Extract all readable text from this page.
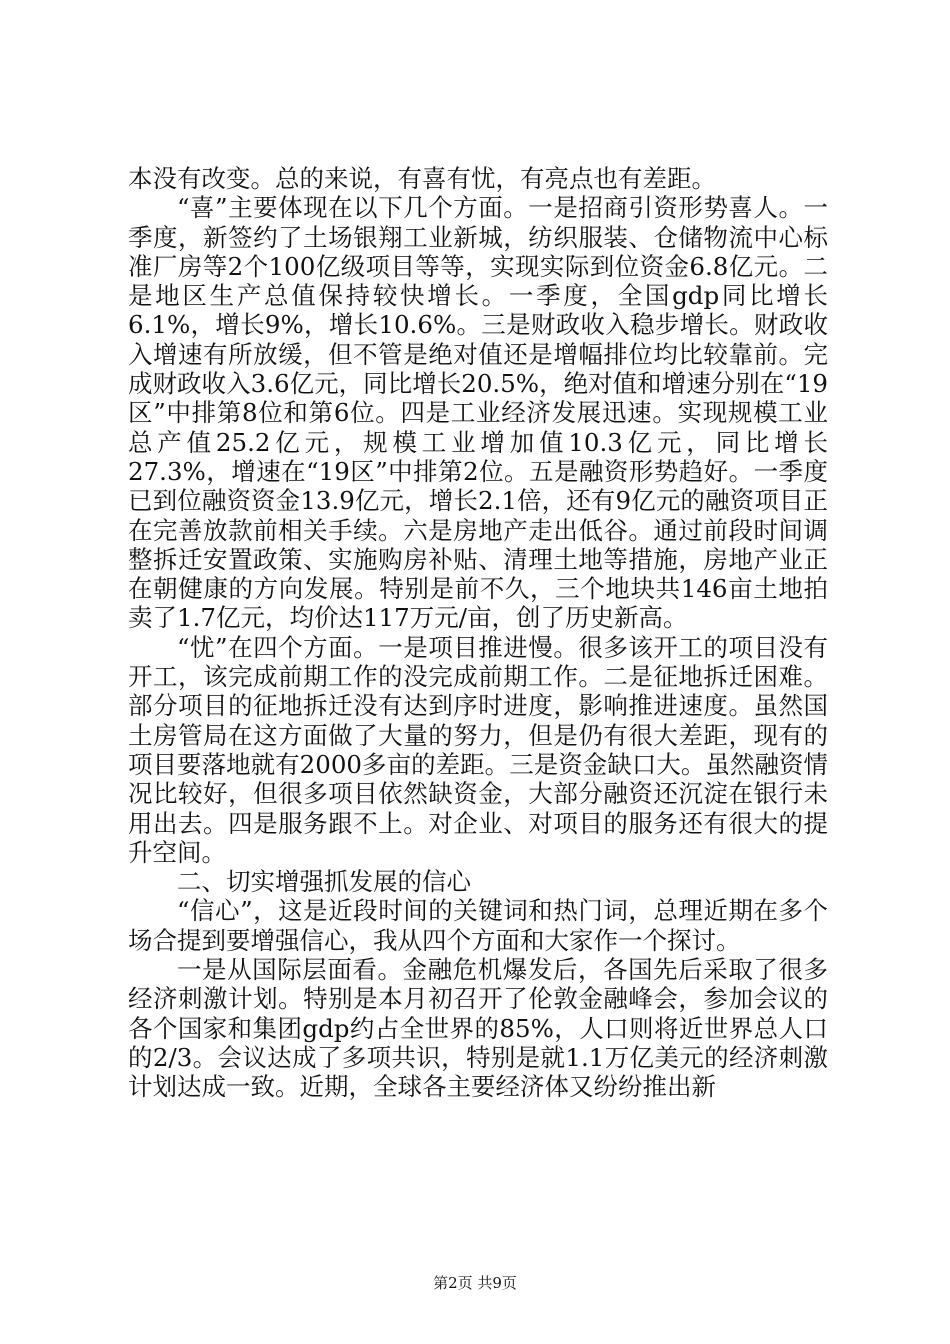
本没有改变。总的来说，有喜有忧，有亮点也有差距。

“喜”主要体现在以下几个方面。一是招商引资形势喜人。一季度，新签约了土场银翔工业新城，纺织服装、仓储物流中心标准厂房等2个100亿级项目等等，实现实际到位资金6.8亿元。二是地区生产总值保持较快增长。一季度，全国gdp同比增长6.1%，增长9%，增长10.6%。三是财政收入稳步增长。财政收入增速有所放缓，但不管是绝对值还是增幅排位均比较靠前。完成财政收入3.6亿元，同比增长20.5%，绝对值和增速分别在“19区”中排第8位和第6位。四是工业经济发展迅速。实现规模工业总产值25.2亿元，规模工业增加值10.3亿元，同比增长27.3%，增速在“19区”中排第2位。五是融资形势趋好。一季度已到位融资资金13.9亿元，增长2.1倍，还有9亿元的融资项目正在完善放款前相关手续。六是房地产走出低谷。通过前段时间调整拆迁安置政策、实施购房补贴、清理土地等措施，房地产业正在朝健康的方向发展。特别是前不久，三个地块共146亩土地拍卖了1.7亿元，均价达117万元/亩，创了历史新高。

“忧”在四个方面。一是项目推进慢。很多该开工的项目没有开工，该完成前期工作的没完成前期工作。二是征地拆迁困难。部分项目的征地拆迁没有达到序时进度，影响推进速度。虽然国土房管局在这方面做了大量的努力，但是仍有很大差距，现有的项目要落地就有2000多亩的差距。三是资金缺口大。虽然融资情况比较好，但很多项目依然缺资金，大部分融资还沉淀在银行未用出去。四是服务跟不上。对企业、对项目的服务还有很大的提升空间。

二、切实增强抓发展的信心

“信心”，这是近段时间的关键词和热门词，总理近期在多个场合提到要增强信心，我从四个方面和大家作一个探讨。

一是从国际层面看。金融危机爆发后，各国先后采取了很多经济刺激计划。特别是本月初召开了伦敦金融峰会，参加会议的各个国家和集团gdp约占全世界的85%，人口则将近世界总人口的2/3。会议达成了多项共识，特别是就1.1万亿美元的经济刺激计划达成一致。近期，全球各主要经济体又纷纷推出新

第2页 共9页
